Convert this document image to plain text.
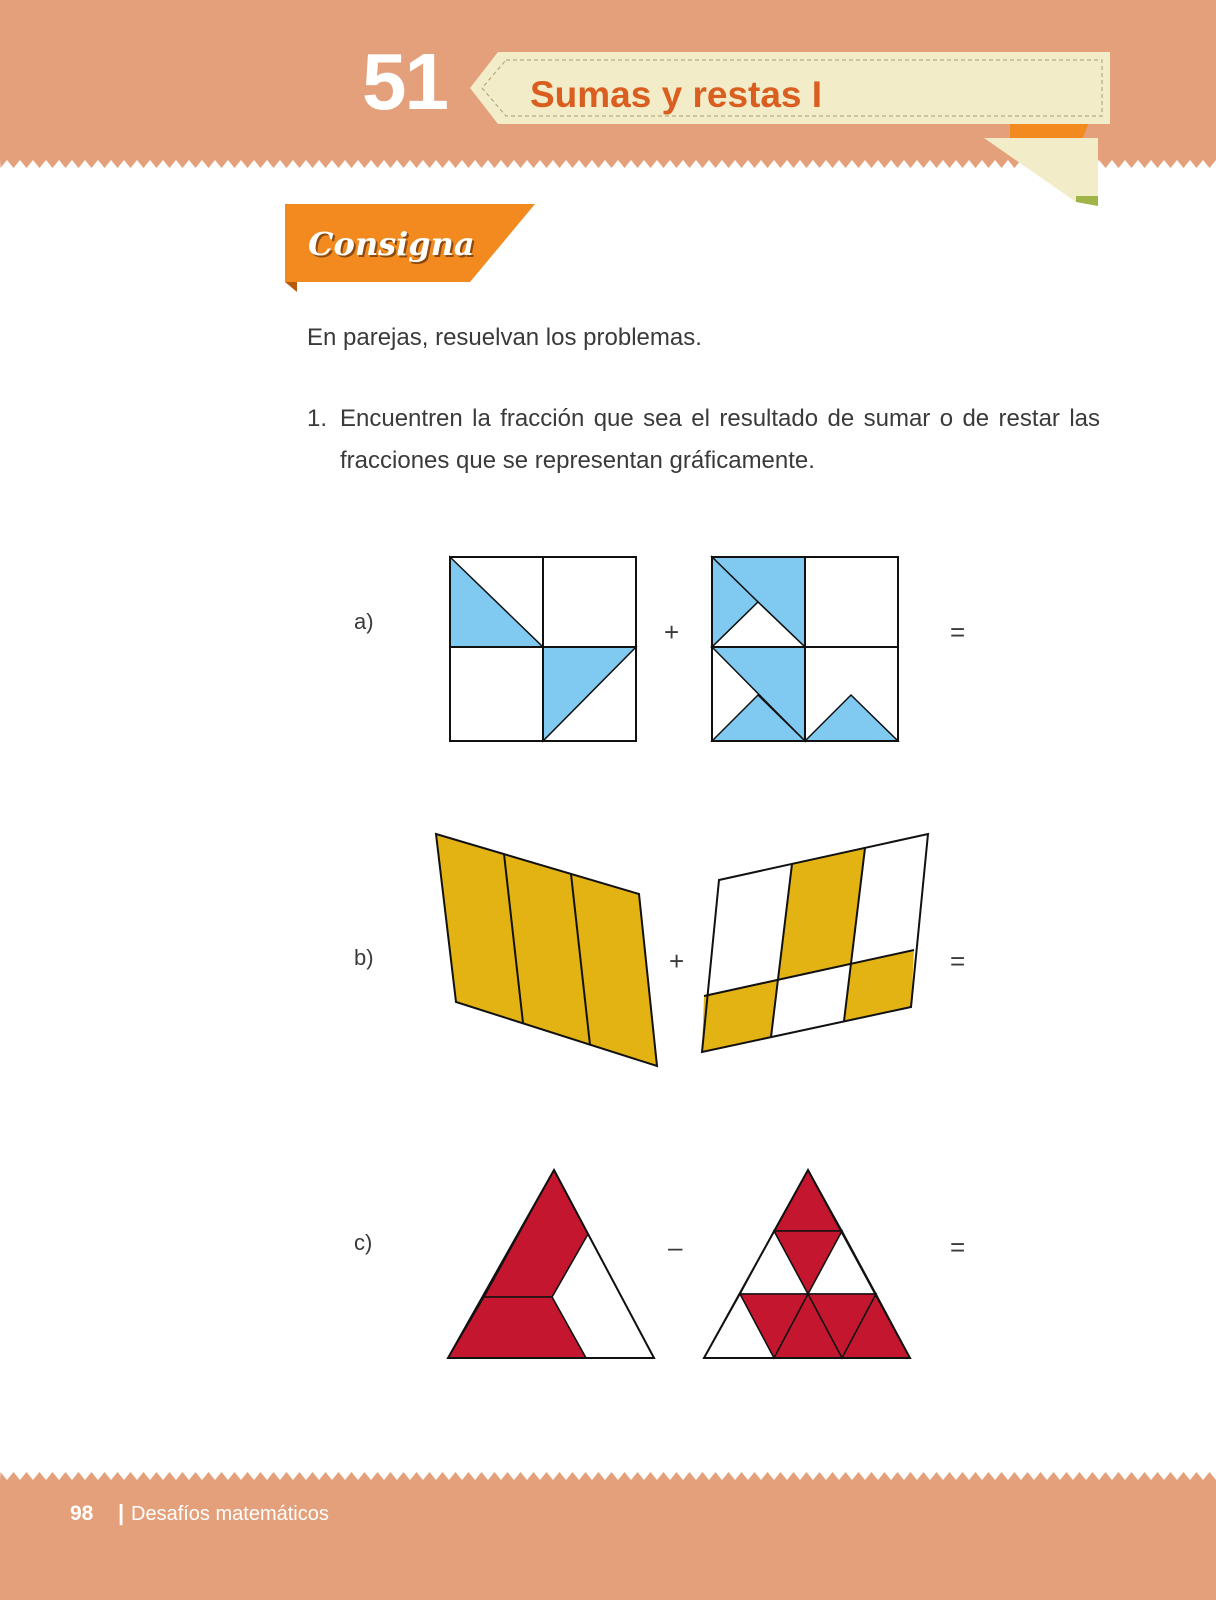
51	Sumas y restas I
Consigna

En parejas, resuelvan los problemas.

1. Encuentren la fracción que sea el resultado de sumar o de restar las fracciones que se representan gráficamente.
a)	+	=
b)	+	=
c)	–	=
98 | Desafíos matemáticos
